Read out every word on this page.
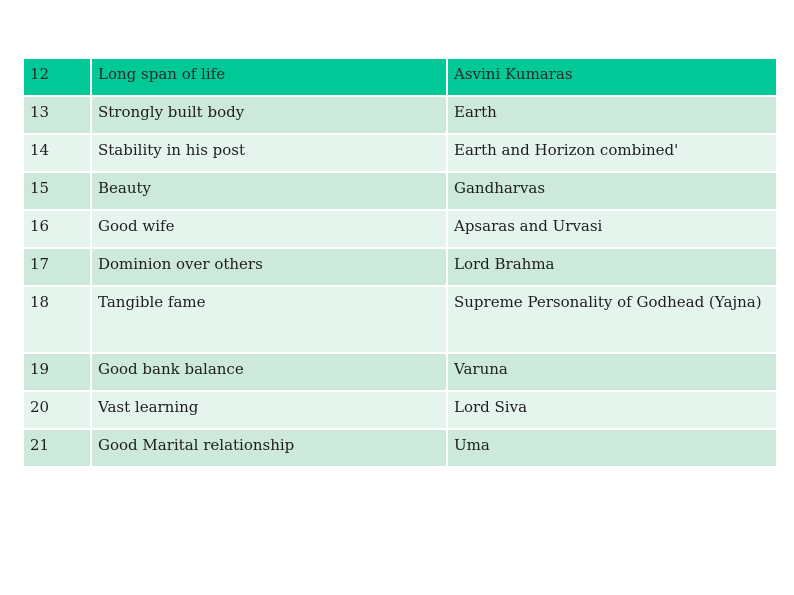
12	Long span of life	Asvini Kumaras
13	Strongly built body	Earth
14	Stability in his post	Earth and Horizon combined'
15	Beauty	Gandharvas
16	Good wife	Apsaras and Urvasi
17	Dominion over others	Lord Brahma
18	Tangible fame	Supreme Personality of Godhead (Yajna)
19	Good bank balance	Varuna
20	Vast learning	Lord Siva
21	Good Marital relationship	Uma
